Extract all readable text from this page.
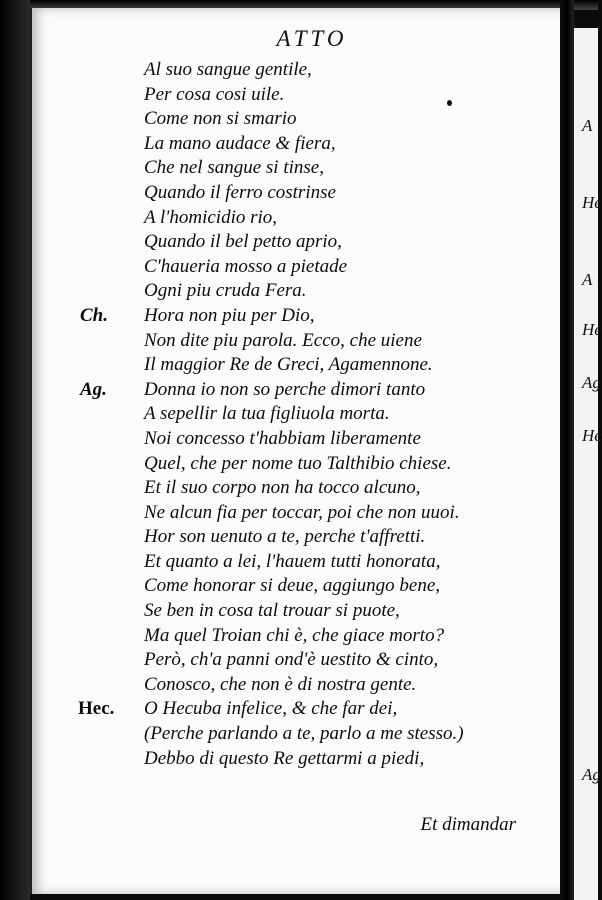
ATTO
Al suo sangue gentile,
Per cosa cosi uile.
Come non si smario
La mano audace & fiera,
Che nel sangue si tinse,
Quando il ferro costrinse
A l'homicidio rio,
Quando il bel petto aprio,
C'haueria mosso a pietade
Ogni piu cruda Fera.
Ch. Hora non piu per Dio,
Non dite piu parola. Ecco, che uiene
Il maggior Re de Greci, Agamennone.
Ag. Donna io non so perche dimori tanto
A sepellir la tua figliuola morta.
Noi concesso t'habbiam liberamente
Quel, che per nome tuo Talthibio chiese.
Et il suo corpo non ha tocco alcuno,
Ne alcun fia per toccar, poi che non uuoi.
Hor son uenuto a te, perche t'affretti.
Et quanto a lei, l'hauem tutti honorata,
Come honorar si deue, aggiungo bene,
Se ben in cosa tal trouar si puote,
Ma quel Troian chi è, che giace morto?
Però, ch'a panni ond'è uestito & cinto,
Conosco, che non è di nostra gente.
Hec. O Hecuba infelice, & che far dei,
(Perche parlando a te, parlo a me stesso.)
Debbo di questo Re gettarmi a piedi,
Et dimandar
A
He
A
He
Ag
He
Ag
